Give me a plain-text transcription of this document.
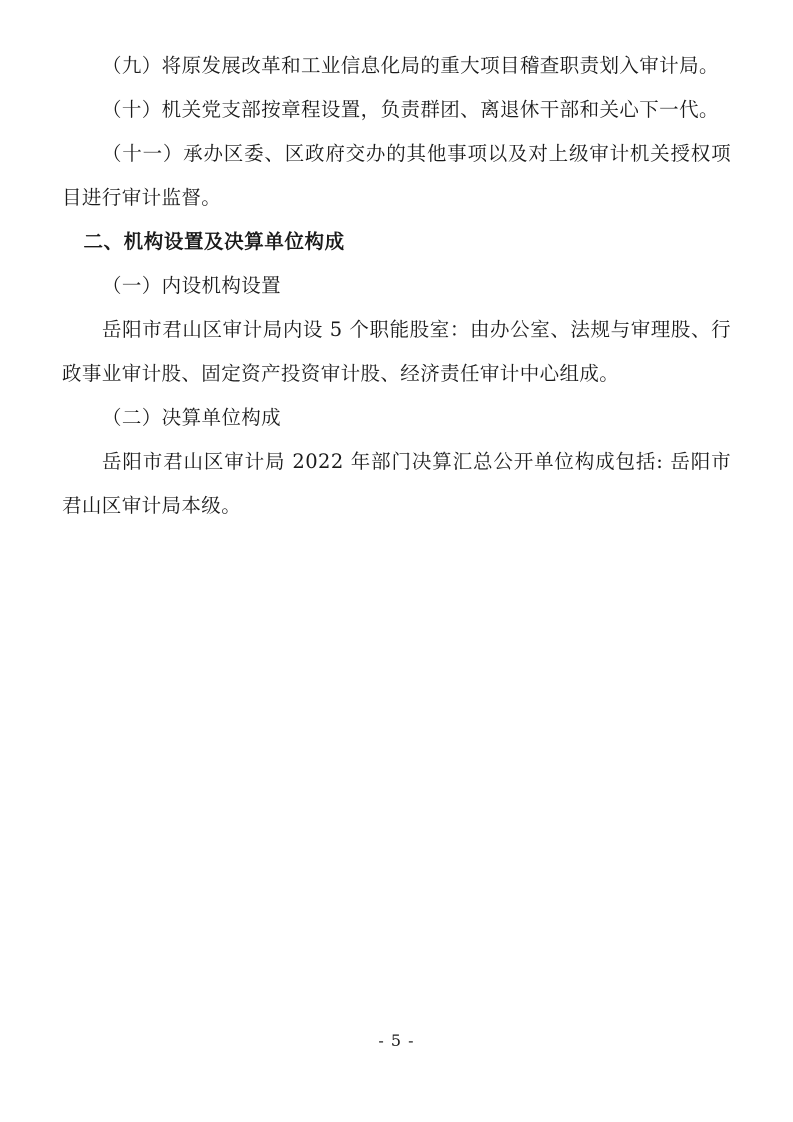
（九）将原发展改革和工业信息化局的重大项目稽查职责划入审计局。

（十）机关党支部按章程设置，负责群团、离退休干部和关心下一代。

（十一）承办区委、区政府交办的其他事项以及对上级审计机关授权项目进行审计监督。

二、机构设置及决算单位构成

（一）内设机构设置

岳阳市君山区审计局内设 5 个职能股室：由办公室、法规与审理股、行政事业审计股、固定资产投资审计股、经济责任审计中心组成。

（二）决算单位构成

岳阳市君山区审计局 2022 年部门决算汇总公开单位构成包括: 岳阳市君山区审计局本级。

- 5 -
